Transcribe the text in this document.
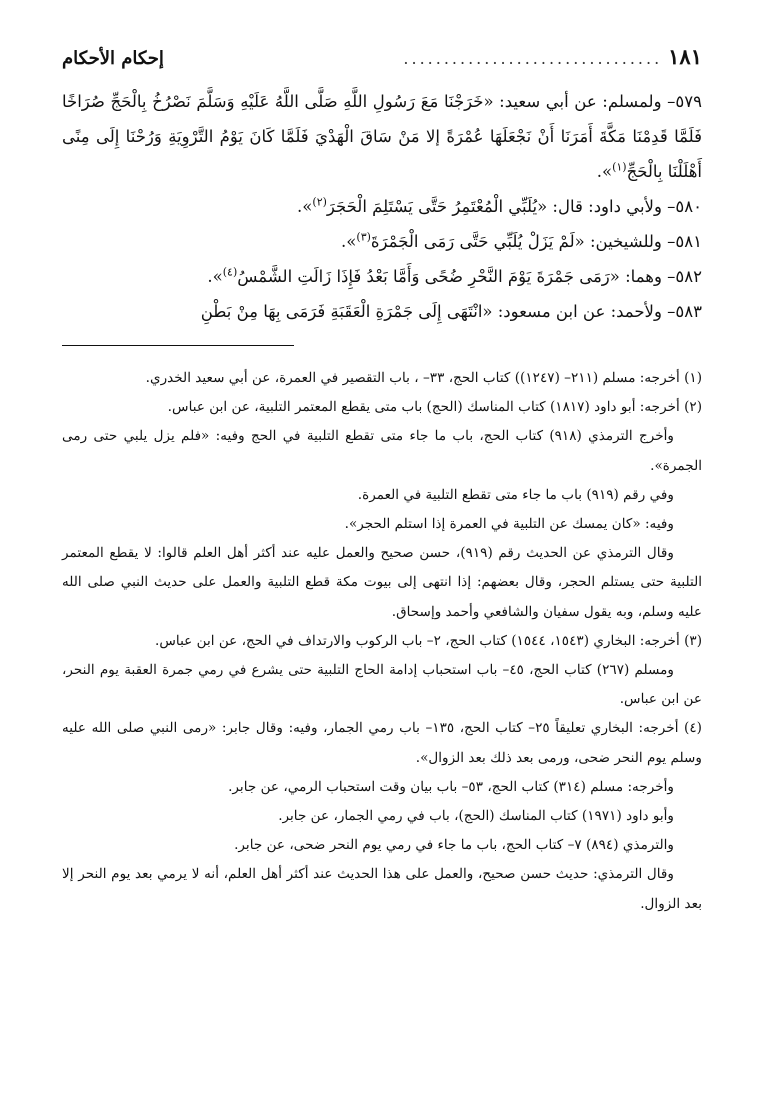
١٨١
................................
إحكام الأحكام

٥٧٩– ولمسلم: عن أبي سعيد: «خَرَجْنَا مَعَ رَسُولِ اللَّهِ صَلَّى اللَّهُ عَلَيْهِ وَسَلَّمَ نَصْرُخُ بِالْحَجِّ صُرَاخًا فَلَمَّا قَدِمْنَا مَكَّةَ أَمَرَنَا أَنْ نَجْعَلَهَا عُمْرَةً إلا مَنْ سَاقَ الْهَدْيَ فَلَمَّا كَانَ يَوْمُ التَّرْوِيَةِ وَرُحْنَا إِلَى مِنًى أَهْلَلْنَا بِالْحَجِّ$^{(١)}$».

٥٨٠– ولأبي داود: قال: «يُلَبِّي الْمُعْتَمِرُ حَتَّى يَسْتَلِمَ الْحَجَرَ$^{(٢)}$».

٥٨١– وللشيخين: «لَمْ يَزَلْ يُلَبِّي حَتَّى رَمَى الْجَمْرَةَ$^{(٣)}$».

٥٨٢– وهما: «رَمَى جَمْرَةَ يَوْمَ النَّحْرِ ضُحًى وَأَمَّا بَعْدُ فَإِذَا زَالَتِ الشَّمْسُ$^{(٤)}$».

٥٨٣– ولأحمد: عن ابن مسعود: «انْتَهَى إِلَى جَمْرَةِ الْعَقَبَةِ فَرَمَى بِهَا مِنْ بَطْنِ

(١) أخرجه: مسلم (٢١١– (١٢٤٧)) كتاب الحج، ٣٣– ، باب التقصير في العمرة، عن أبي سعيد الخدري.

(٢) أخرجه: أبو داود (١٨١٧) كتاب المناسك (الحج) باب متى يقطع المعتمر التلبية، عن ابن عباس.

وأخرج الترمذي (٩١٨) كتاب الحج، باب ما جاء متى تقطع التلبية في الحج وفيه: «فلم يزل يلبي حتى رمى الجمرة».

وفي رقم (٩١٩) باب ما جاء متى تقطع التلبية في العمرة.

وفيه: «كان يمسك عن التلبية في العمرة إذا استلم الحجر».

وقال الترمذي عن الحديث رقم (٩١٩)، حسن صحيح والعمل عليه عند أكثر أهل العلم قالوا: لا يقطع المعتمر التلبية حتى يستلم الحجر، وقال بعضهم: إذا انتهى إلى بيوت مكة قطع التلبية والعمل على حديث النبي صلى الله عليه وسلم، وبه يقول سفيان والشافعي وأحمد وإسحاق.

(٣) أخرجه: البخاري (١٥٤٣، ١٥٤٤) كتاب الحج، ٢– باب الركوب والارتداف في الحج، عن ابن عباس.

ومسلم (٢٦٧) كتاب الحج، ٤٥– باب استحباب إدامة الحاج التلبية حتى يشرع في رمي جمرة العقبة يوم النحر، عن ابن عباس.

(٤) أخرجه: البخاري تعليقاً ٢٥– كتاب الحج، ١٣٥– باب رمي الجمار، وفيه: وقال جابر: «رمى النبي صلى الله عليه وسلم يوم النحر ضحى، ورمى بعد ذلك بعد الزوال».

وأخرجه: مسلم (٣١٤) كتاب الحج، ٥٣– باب بيان وقت استحباب الرمي، عن جابر.

وأبو داود (١٩٧١) كتاب المناسك (الحج)، باب في رمي الجمار، عن جابر.

والترمذي (٨٩٤) ٧– كتاب الحج، باب ما جاء في رمي يوم النحر ضحى، عن جابر.

وقال الترمذي: حديث حسن صحيح، والعمل على هذا الحديث عند أكثر أهل العلم، أنه لا يرمي بعد يوم النحر إلا بعد الزوال.
